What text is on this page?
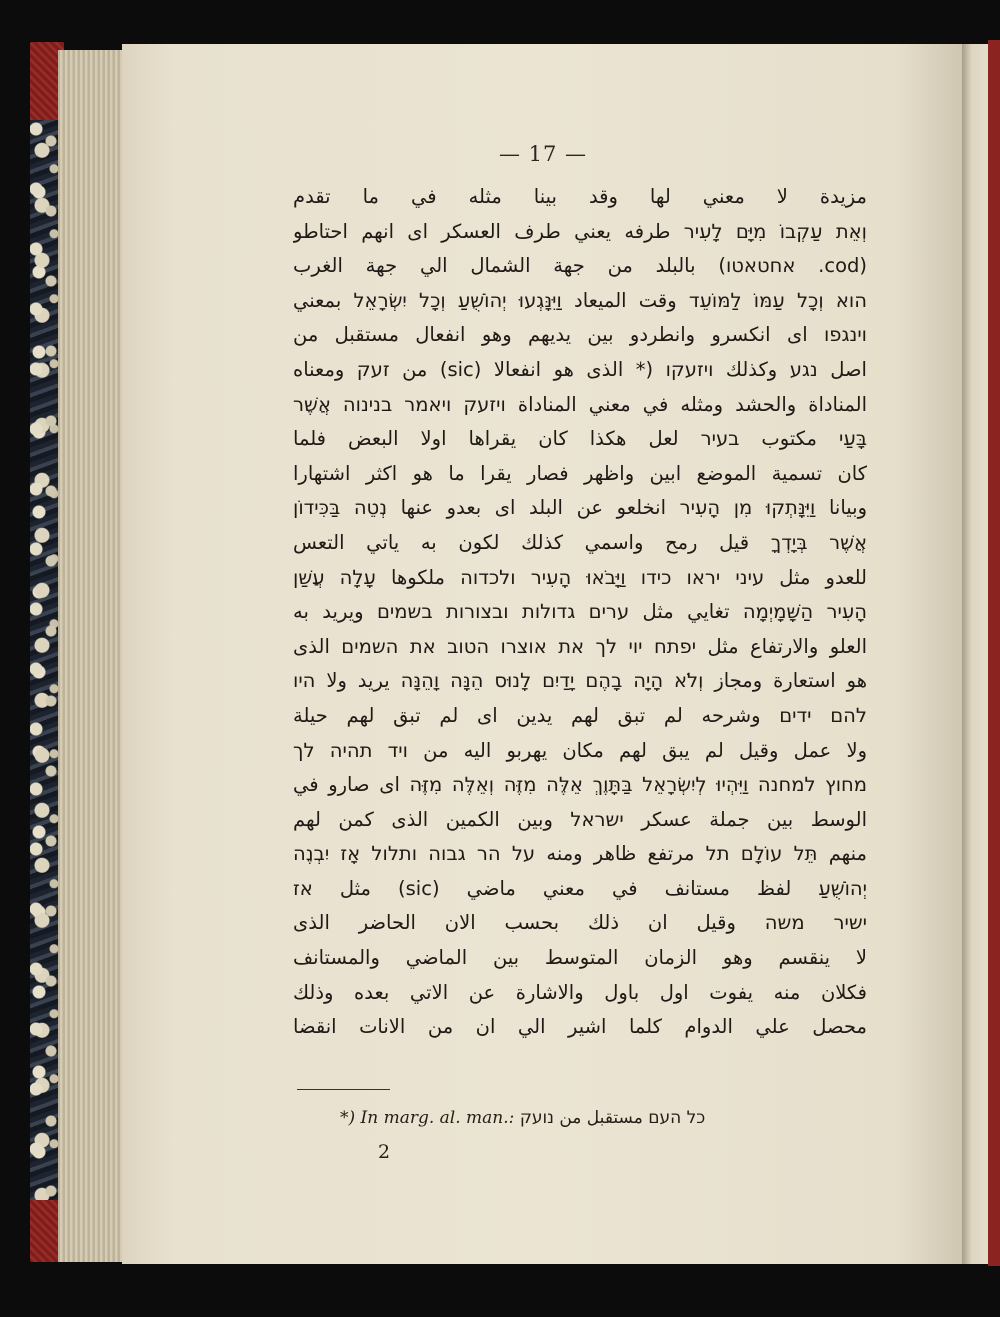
— 17 —
مزيدة لا معني لها وقد بينا مثله في ما تقدم
וְאֵת עַקְבוֹ מִיָּם לָעִיר طرفه يعني طرف العسكر اى انهم احتاطو
(cod. אחטאטו) بالبلد من جهة الشمال الي جهة الغرب
הוא וְכָל עַמּוֹ לַמּוֹעֵד وقت الميعاد וַיִּנָּגְעוּ יְהוֹשֻׁעַ וְכָל יִשְׂרָאֵל بمعني
וינגפו اى انكسرو وانطردو بين يديهم وهو انفعال مستقبل من
اصل נגע وكذلك ויזעקו (* الذى هو انفعالا (sic) من זעק ومعناه
المناداة والحشد ومثله في معني المناداة ויזעק ויאמר בנינוה אֲשֶׁר
בָּעַי مكتوب בעיר لعل هكذا كان يقراها اولا البعض فلما
كان تسمية الموضع ابين واظهر فصار يقرا ما هو اكثر اشتهارا
وبيانا וַיִּנָּתְקוּ מִן הָעִיר انخلعو عن البلد اى بعدو عنها נְטֵה בַּכִּידוֹן
אֲשֶׁר בְּיָדְךָ قيل رمح واسمي كذلك لكون به ياتي التعس
للعدو مثل עיני יראו כידו וַיָּבֹאוּ הָעִיר ולכדוה ملكوها עָלָה עֲשַׁן
הָעִיר הַשָּׁמָיְמָה تغايي مثل ערים גדולות ובצורות בשמים ويريد به
العلو والارتفاع مثل יפתח יוי לך את אוצרו הטוב את השמים الذى
هو استعارة ومجاز וְלֹא הָיָה בָהֶם יָדַיִם לָנוּס הֵנָּה וָהֵנָּה يريد ولا היו
להם ידים وشرحه لم تبق لهم يدين اى لم تبق لهم حيلة
ولا عمل وقيل لم يبق لهم مكان يهربو اليه من ויד תהיה לך
מחוץ למחנה וַיִּהְיוּ לְיִשְׂרָאֵל בַּתָּוֶךְ אֵלֶּה מִזֶּה וְאֵלֶּה מִזֶּה اى صارو في
الوسط بين جملة عسكر ישראל وبين الكمين الذى كمن لهم
منهم תֵּל עוֹלָם תל مرتفع ظاهر ومنه על הר גבוה ותלול אָז יִבְנֶה
יְהוֹשֻׁעַ لفظ مستانف في معني ماضي (sic) مثل אז
ישיר משה وقيل ان ذلك بحسب الان الحاضر الذى
لا ينقسم وهو الزمان المتوسط بين الماضي والمستانف
فكلان منه يفوت اول باول والاشارة عن الاتي بعده وذلك
محصل علي الدوام كلما اشير الي ان من الانات انقضا
*) In marg. al. man.: כל העם مستقبل من נועק
2
